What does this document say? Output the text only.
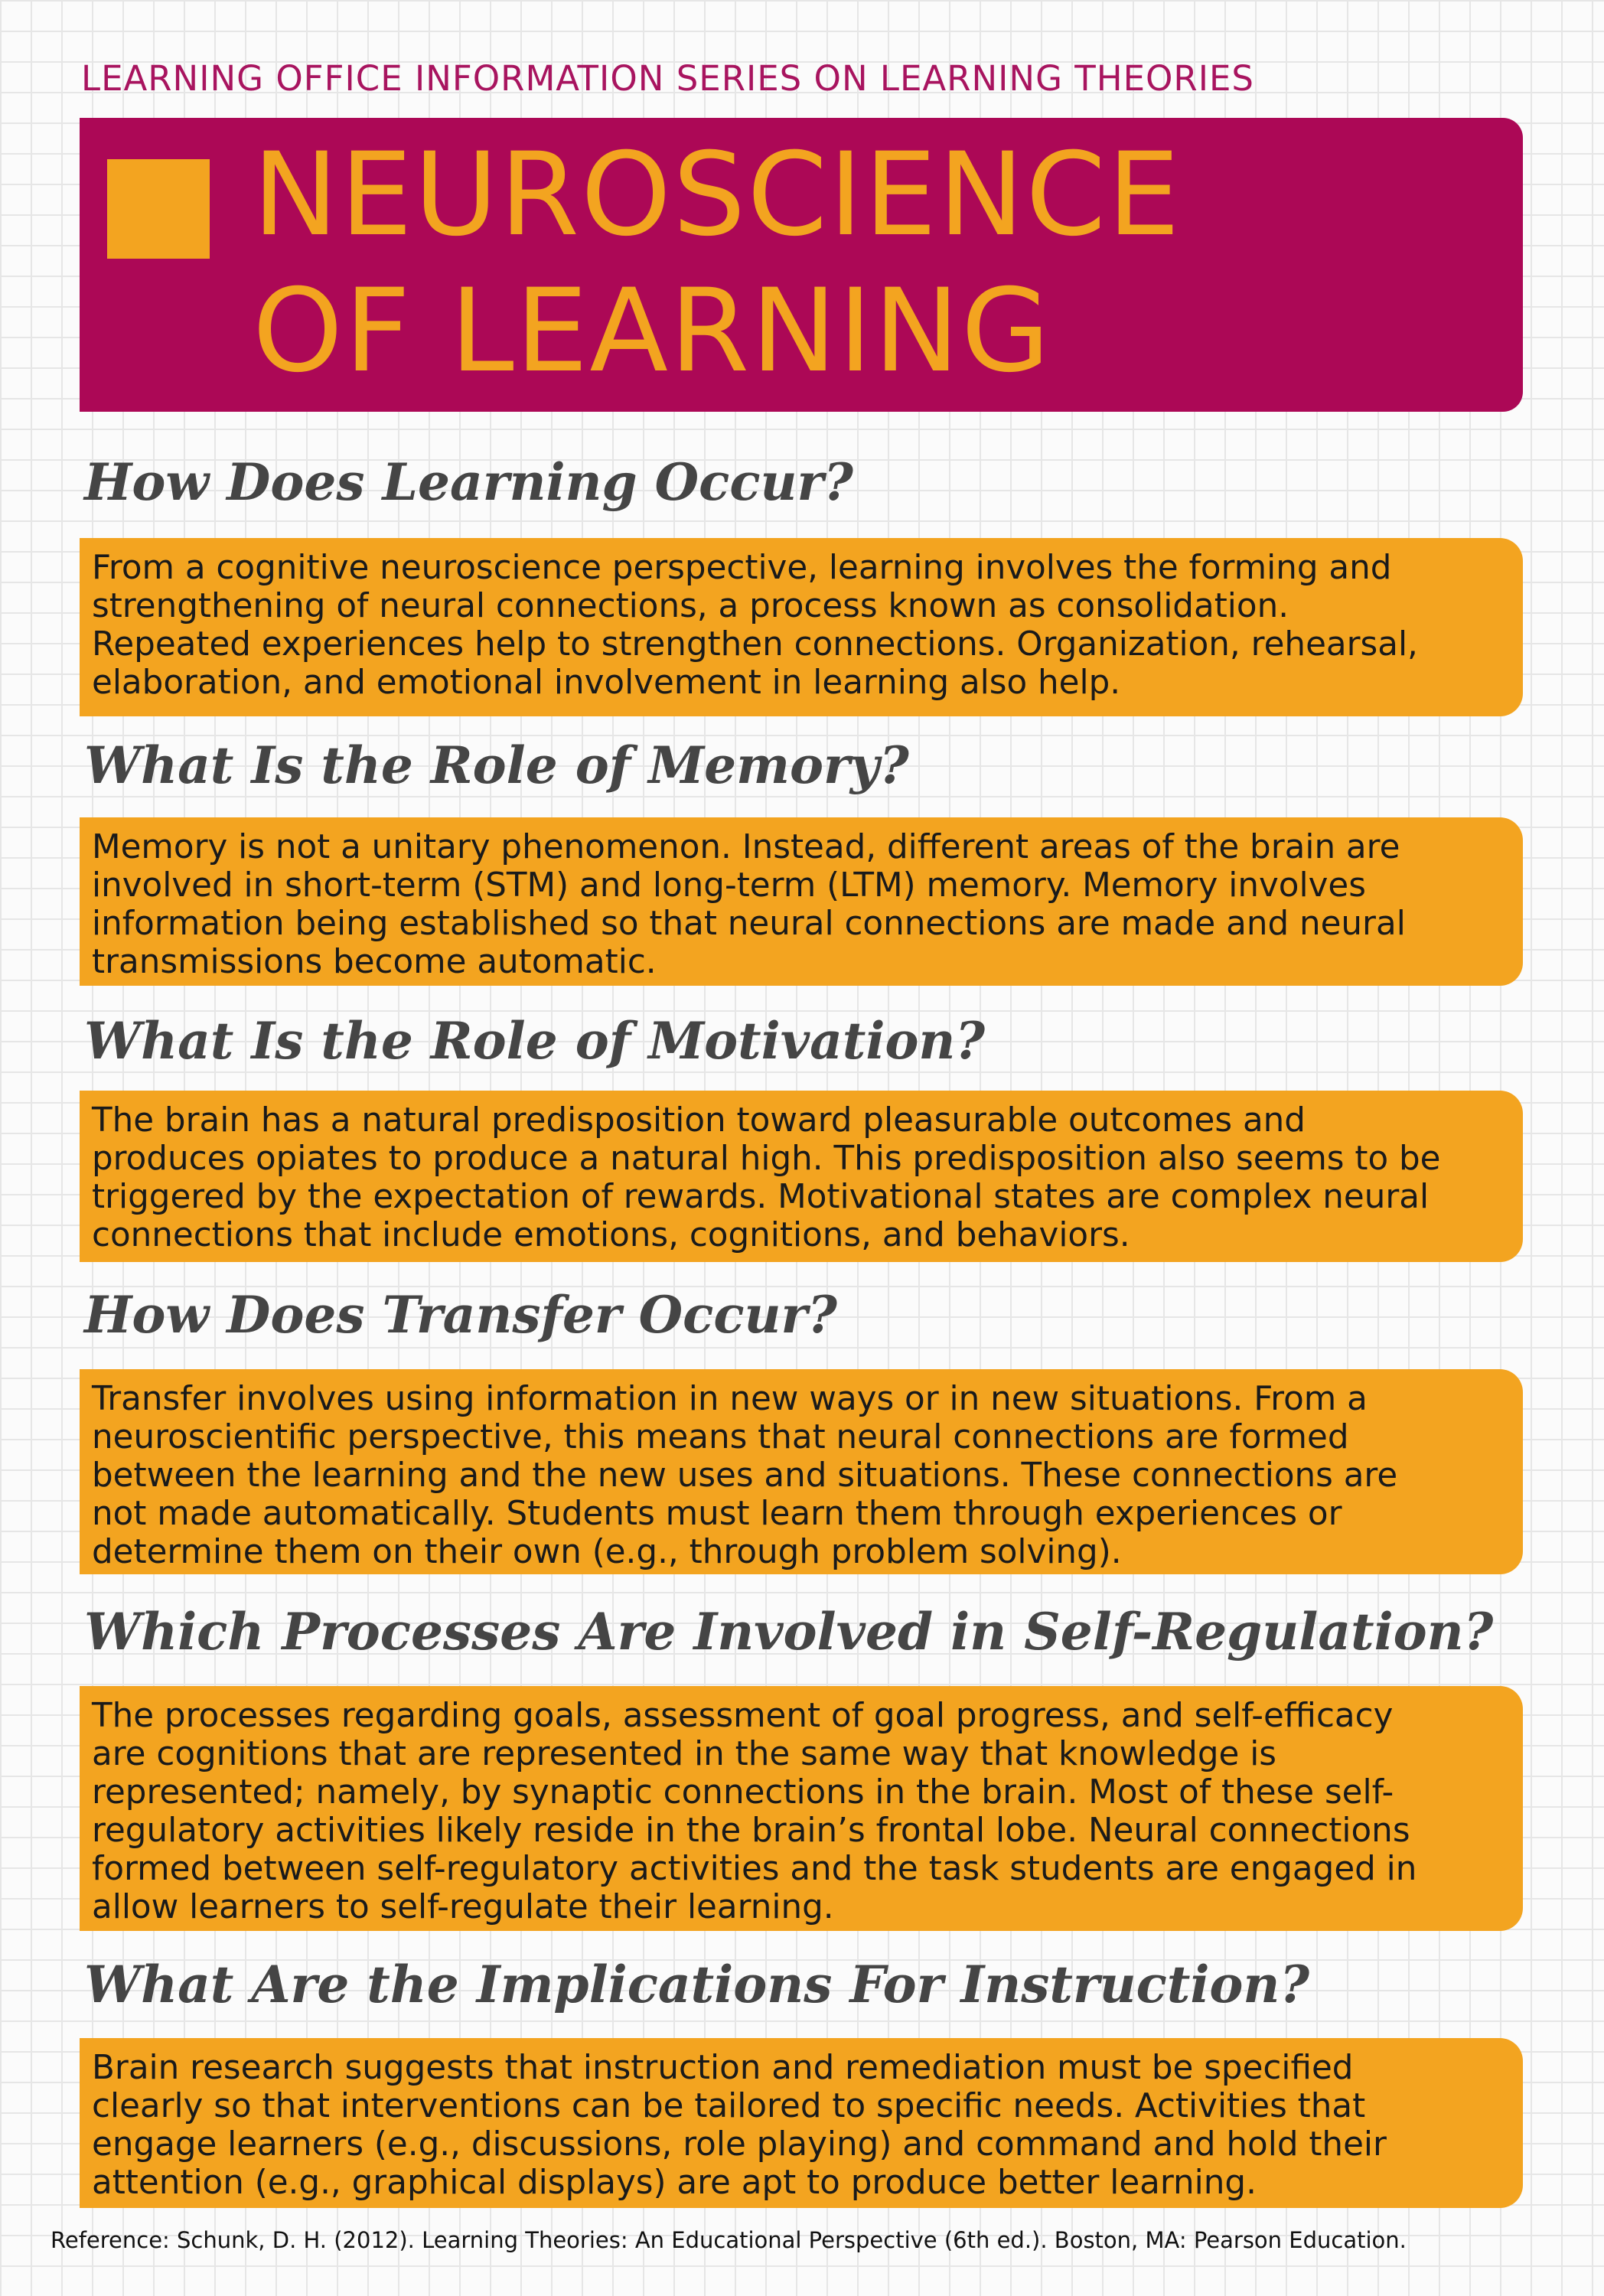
LEARNING OFFICE INFORMATION SERIES ON LEARNING THEORIES
NEUROSCIENCE
OF LEARNING
How Does Learning Occur?

From a cognitive neuroscience perspective, learning involves the forming and
strengthening of neural connections, a process known as consolidation.
Repeated experiences help to strengthen connections. Organization, rehearsal,
elaboration, and emotional involvement in learning also help.

What Is the Role of Memory?

Memory is not a unitary phenomenon. Instead, different areas of the brain are
involved in short-term (STM) and long-term (LTM) memory. Memory involves
information being established so that neural connections are made and neural
transmissions become automatic.

What Is the Role of Motivation?

The brain has a natural predisposition toward pleasurable outcomes and
produces opiates to produce a natural high. This predisposition also seems to be
triggered by the expectation of rewards. Motivational states are complex neural
connections that include emotions, cognitions, and behaviors.

How Does Transfer Occur?

Transfer involves using information in new ways or in new situations. From a
neuroscientific perspective, this means that neural connections are formed
between the learning and the new uses and situations. These connections are
not made automatically. Students must learn them through experiences or
determine them on their own (e.g., through problem solving).

Which Processes Are Involved in Self-Regulation?

The processes regarding goals, assessment of goal progress, and self-efficacy
are cognitions that are represented in the same way that knowledge is
represented; namely, by synaptic connections in the brain. Most of these self-
regulatory activities likely reside in the brain’s frontal lobe. Neural connections
formed between self-regulatory activities and the task students are engaged in
allow learners to self-regulate their learning.

What Are the Implications For Instruction?

Brain research suggests that instruction and remediation must be specified
clearly so that interventions can be tailored to specific needs. Activities that
engage learners (e.g., discussions, role playing) and command and hold their
attention (e.g., graphical displays) are apt to produce better learning.

Reference: Schunk, D. H. (2012). Learning Theories: An Educational Perspective (6th ed.). Boston, MA: Pearson Education.
